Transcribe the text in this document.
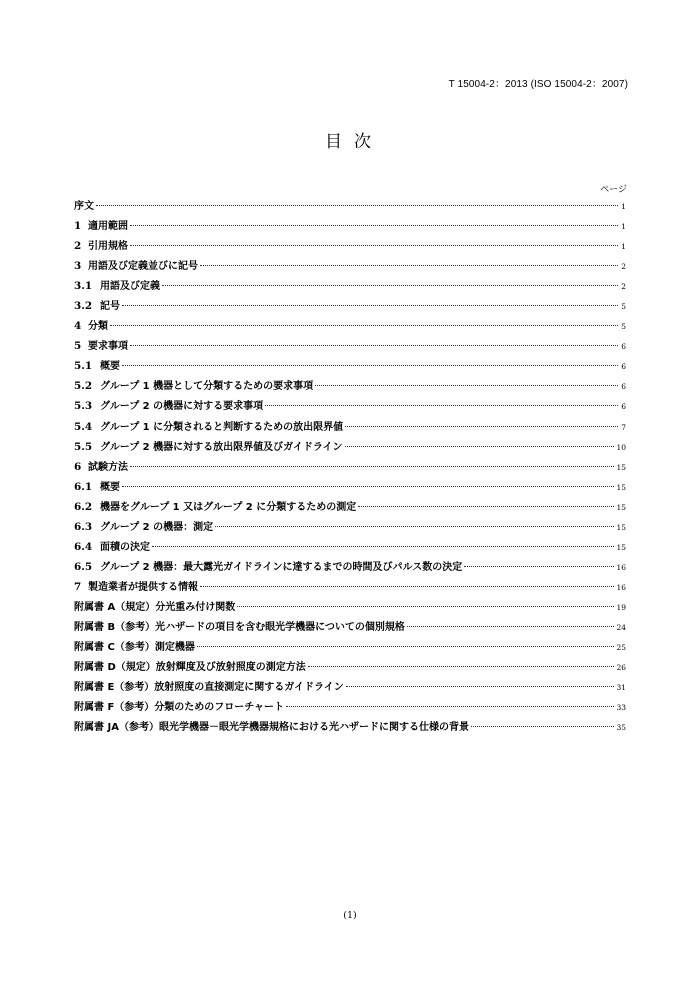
T 15004-2：2013 (ISO 15004-2：2007)
目次
ページ
序文	1
1 適用範囲	1
2 引用規格	1
3 用語及び定義並びに記号	2
3.1 用語及び定義	2
3.2 記号	5
4 分類	5
5 要求事項	6
5.1 概要	6
5.2 グループ 1 機器として分類するための要求事項	6
5.3 グループ 2 の機器に対する要求事項	6
5.4 グループ 1 に分類されると判断するための放出限界値	7
5.5 グループ 2 機器に対する放出限界値及びガイドライン	10
6 試験方法	15
6.1 概要	15
6.2 機器をグループ 1 又はグループ 2 に分類するための測定	15
6.3 グループ 2 の機器：測定	15
6.4 面積の決定	15
6.5 グループ 2 機器：最大露光ガイドラインに達するまでの時間及びパルス数の決定	16
7 製造業者が提供する情報	16
附属書 A（規定）分光重み付け関数	19
附属書 B（参考）光ハザードの項目を含む眼光学機器についての個別規格	24
附属書 C（参考）測定機器	25
附属書 D（規定）放射輝度及び放射照度の測定方法	26
附属書 E（参考）放射照度の直接測定に関するガイドライン	31
附属書 F（参考）分類のためのフローチャート	33
附属書 JA（参考）眼光学機器－眼光学機器規格における光ハザードに関する仕様の背景	35
(1)
